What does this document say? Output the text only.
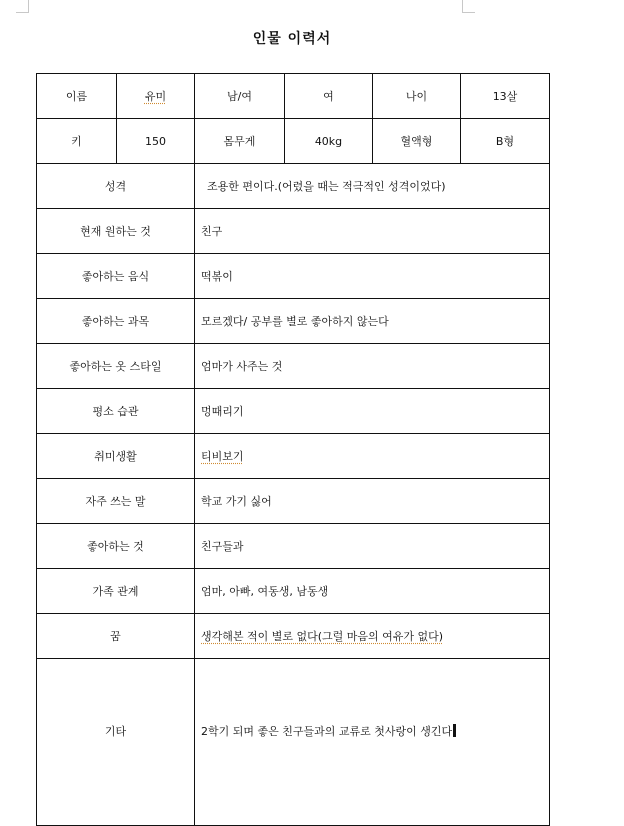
인물 이력서
이름	유미	남/여	여	나이	13살
키	150	몸무게	40kg	혈액형	B형
성격		조용한 편이다.(어렸을 때는 적극적인 성격이었다)			
현재 원하는 것		친구			
좋아하는 음식		떡볶이			
좋아하는 과목		모르겠다/ 공부를 별로 좋아하지 않는다			
좋아하는 옷 스타일		엄마가 사주는 것			
평소 습관		멍때리기			
취미생활		티비보기			
자주 쓰는 말		학교 가기 싫어			
좋아하는 것		친구들과			
가족 관계		엄마, 아빠, 여동생, 남동생			
꿈		생각해본 적이 별로 없다(그럴 마음의 여유가 없다)			
기타		2학기 되며 좋은 친구들과의 교류로 첫사랑이 생긴다			
